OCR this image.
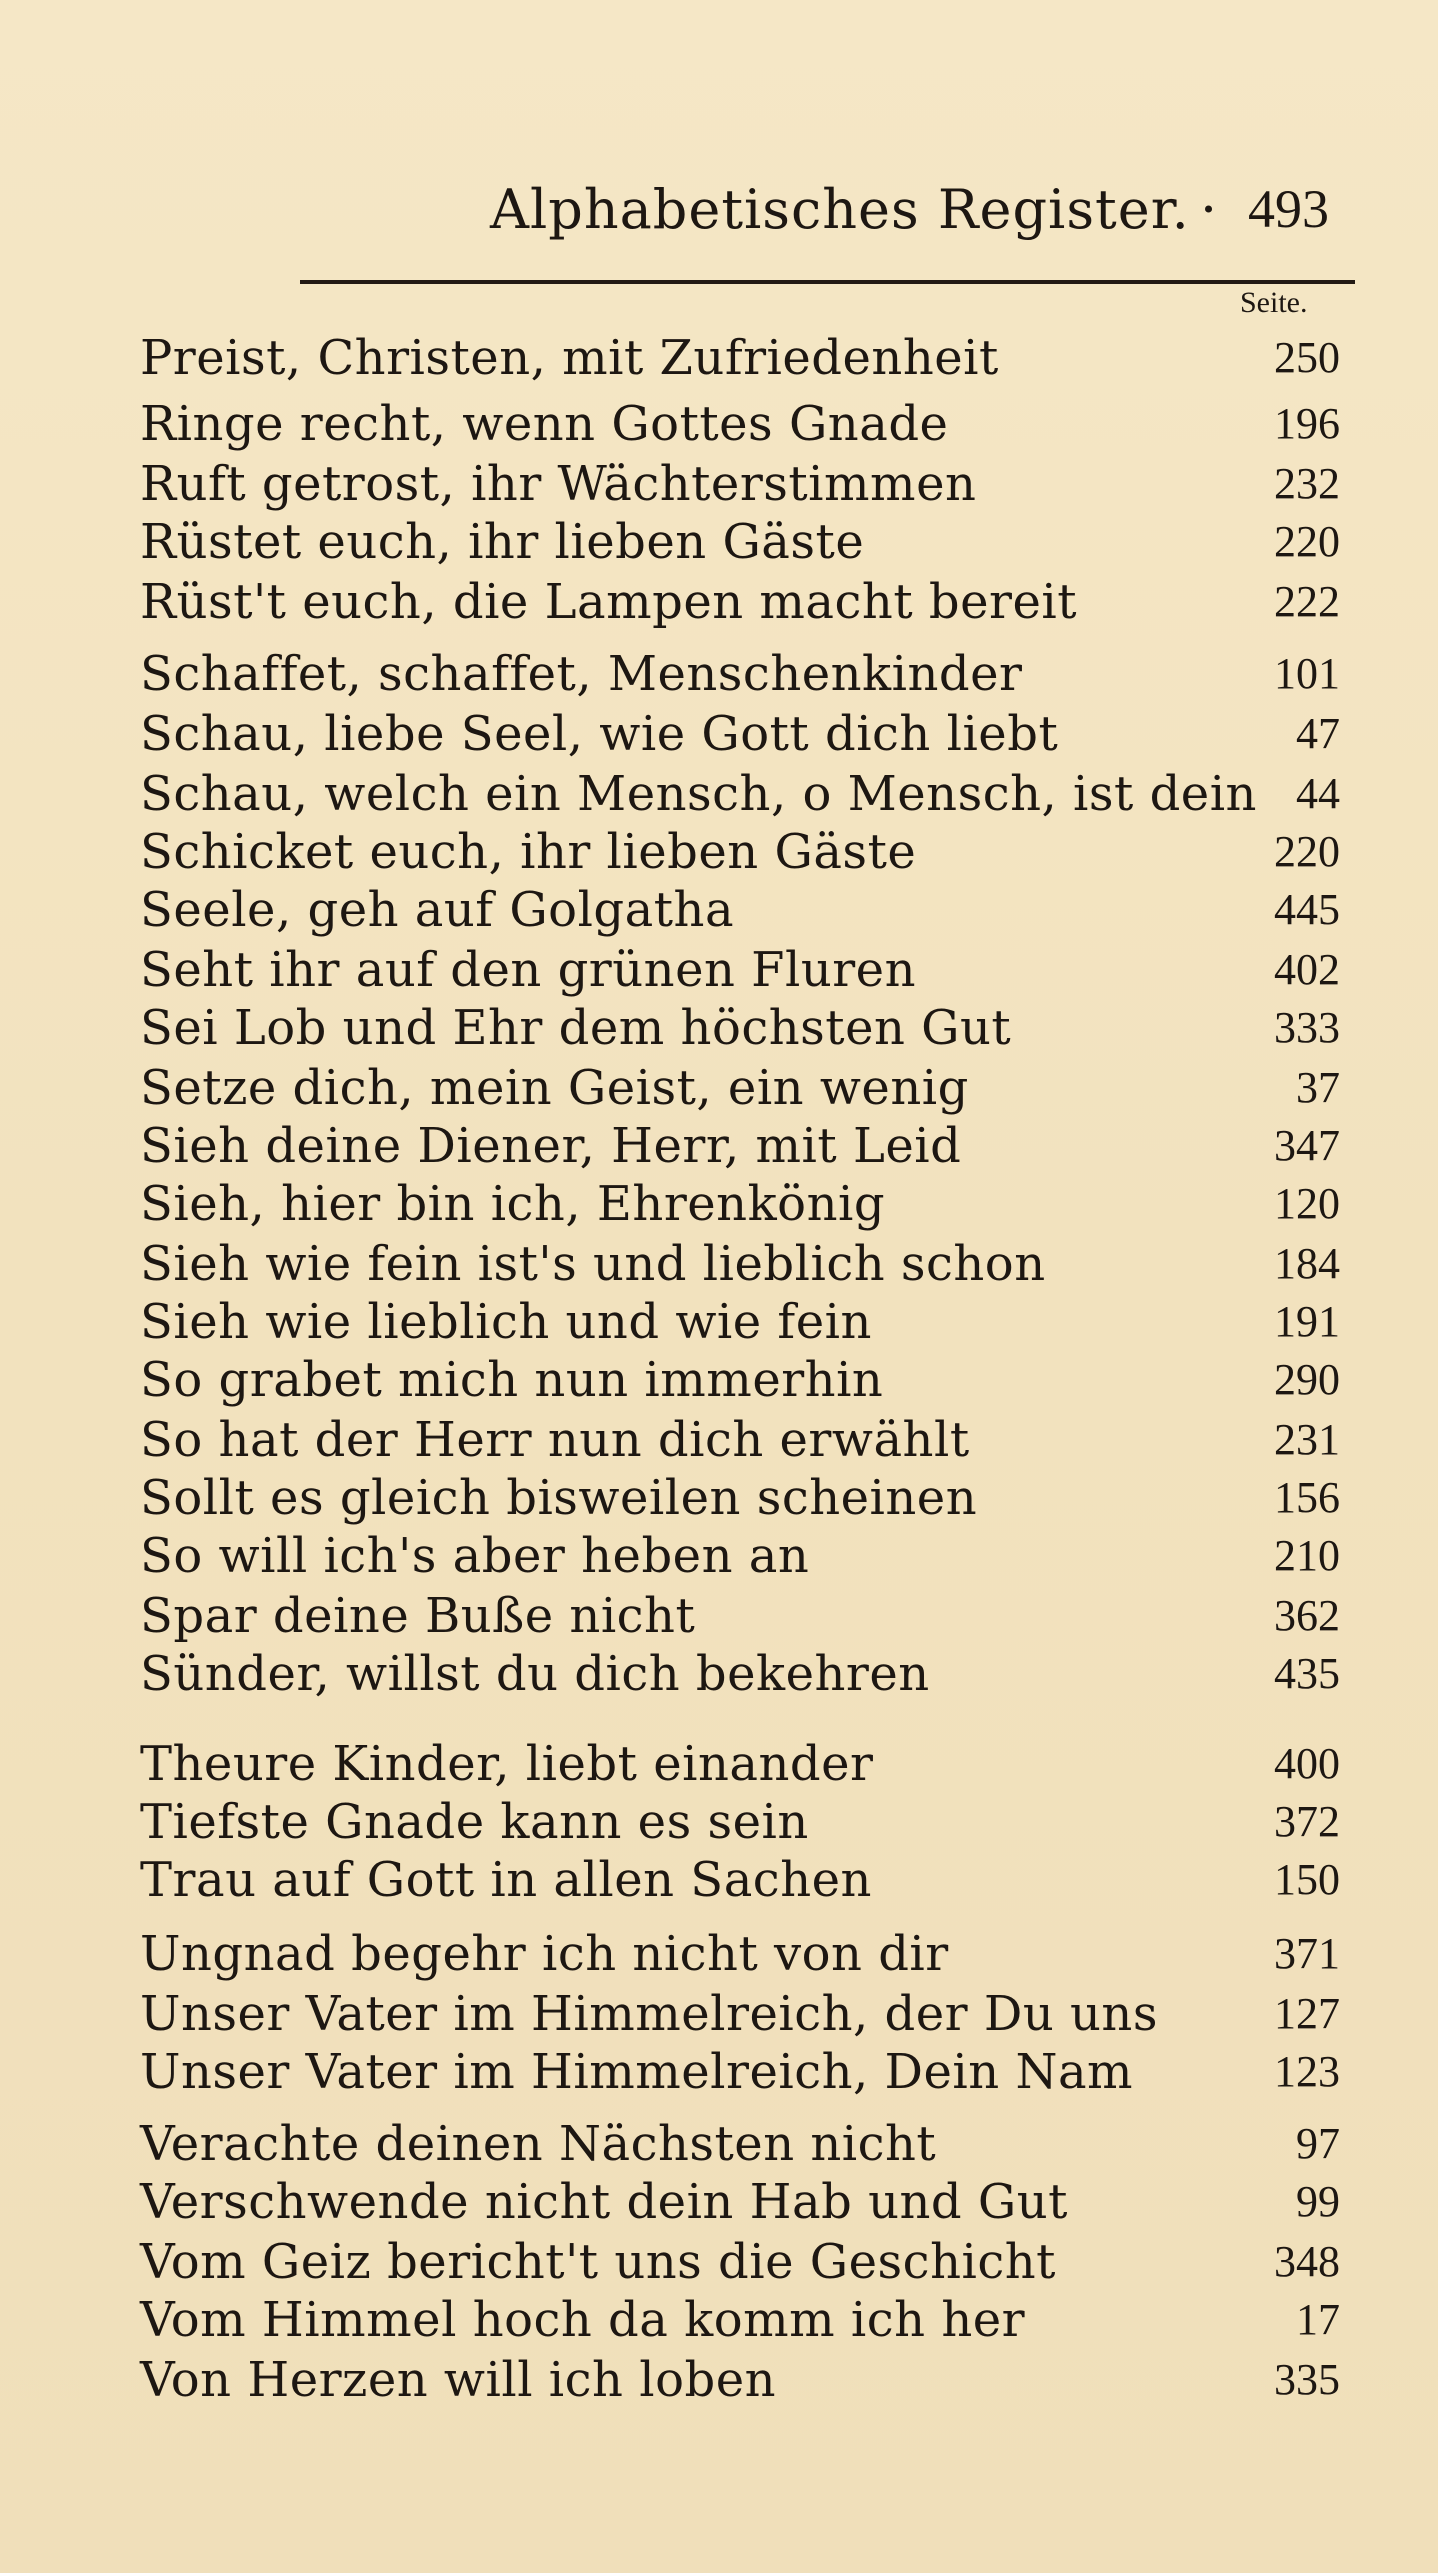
Alphabetisches Register. · 493
Seite.
Preist, Christen, mit Zufriedenheit	250
Ringe recht, wenn Gottes Gnade	196
Ruft getrost, ihr Wächterstimmen	232
Rüstet euch, ihr lieben Gäste	220
Rüst't euch, die Lampen macht bereit	222
Schaffet, schaffet, Menschenkinder	101
Schau, liebe Seel, wie Gott dich liebt	47
Schau, welch ein Mensch, o Mensch, ist dein 44
Schicket euch, ihr lieben Gäste	220
Seele, geh auf Golgatha	445
Seht ihr auf den grünen Fluren	402
Sei Lob und Ehr dem höchsten Gut	333
Setze dich, mein Geist, ein wenig	37
Sieh deine Diener, Herr, mit Leid	347
Sieh, hier bin ich, Ehrenkönig	120
Sieh wie fein ist's und lieblich schon	184
Sieh wie lieblich und wie fein	191
So grabet mich nun immerhin	290
So hat der Herr nun dich erwählt	231
Sollt es gleich bisweilen scheinen	156
So will ich's aber heben an	210
Spar deine Buße nicht	362
Sünder, willst du dich bekehren	435
Theure Kinder, liebt einander	400
Tiefste Gnade kann es sein	372
Trau auf Gott in allen Sachen	150
Ungnad begehr ich nicht von dir	371
Unser Vater im Himmelreich, der Du uns	127
Unser Vater im Himmelreich, Dein Nam	123
Verachte deinen Nächsten nicht	97
Verschwende nicht dein Hab und Gut	99
Vom Geiz bericht't uns die Geschicht	348
Vom Himmel hoch da komm ich her	17
Von Herzen will ich loben	335
